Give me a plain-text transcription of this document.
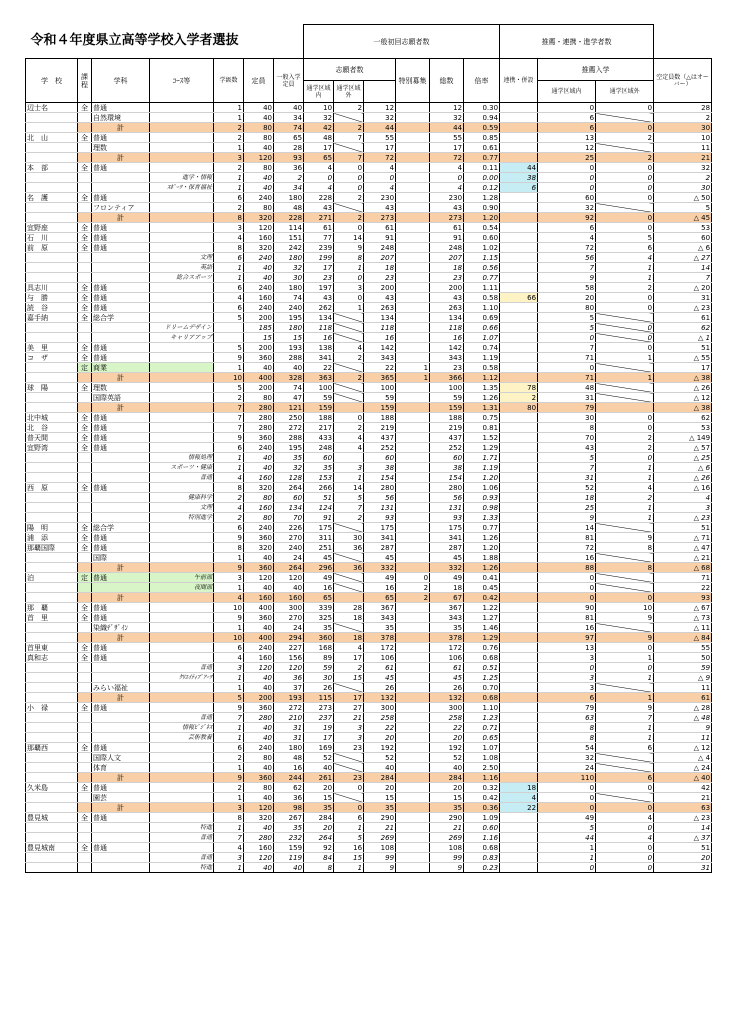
令和４年度県立高等学校入学者選抜							一般初回志願者数						推薦・連携・進学者数			
学　校	課程	学科	ｺｰｽ等	学級数	定員	一般入学定員	志願者数			特別募集	総数	倍率	連携・併設	推薦入学		空定員数（△はオーバー）
							通学区域内	通学区域外						通学区域内	通学区域外	
辺士名	全	普通		1	40	40	10	2	12		12	0.30		0	0	28
		自然環境		1	40	34	32		32		32	0.94		6		2
		計		2	80	74	42	2	44		44	0.59		6	0	30
北　山	全	普通		2	80	65	48	7	55		55	0.85		13	2	10
		理数		1	40	28	17		17		17	0.61		12		11
		計		3	120	93	65	7	72		72	0.77		25	2	21
本　部	全	普通		2	80	36	4	0	4		4	0.11	44	0	0	32
			進学・情報	1	40	2	0	0	0		0	0.00	38	0	0	2
			ｽﾎﾟｰﾂ・保育福祉	1	40	34	4	0	4		4	0.12	6	0	0	30
名　護	全	普通		6	240	180	228	2	230		230	1.28		60	0	△ 50
		フロンティア		2	80	48	43		43		43	0.90		32		5
		計		8	320	228	271	2	273		273	1.20		92	0	△ 45
宜野座	全	普通		3	120	114	61	0	61		61	0.54		6	0	53
石　川	全	普通		4	160	151	77	14	91		91	0.60		4	5	60
前　原	全	普通		8	320	242	239	9	248		248	1.02		72	6	△ 6
			文理	6	240	180	199	8	207		207	1.15		56	4	△ 27
			英語	1	40	32	17	1	18		18	0.56		7	1	14
			総合スポーツ	1	40	30	23	0	23		23	0.77		9	1	7
具志川	全	普通		6	240	180	197	3	200		200	1.11		58	2	△ 20
与　勝	全	普通		4	160	74	43	0	43		43	0.58	66	20	0	31
読　谷	全	普通		6	240	240	262	1	263		263	1.10		80	0	△ 23
嘉手納	全	総合学		5	200	195	134		134		134	0.69		5		61
			ドリームデザイン		185	180	118		118		118	0.66		5	0	62
			キャリアアップ		15	15	16		16		16	1.07		0	0	△ 1
美　里	全	普通		5	200	193	138	4	142		142	0.74		7	0	51
コ　ザ	全	普通		9	360	288	341	2	343		343	1.19		71	1	△ 55
	定	商業		1	40	40	22		22	1	23	0.58		0		17
		計		10	400	328	363	2	365	1	366	1.12		71	1	△ 38
球　陽	全	理数		5	200	74	100		100		100	1.35	78	48		△ 26
		国際英語		2	80	47	59		59		59	1.26	2	31		△ 12
		計		7	280	121	159		159		159	1.31	80	79		△ 38
北中城	全	普通		7	280	250	188	0	188		188	0.75		30	0	62
北　谷	全	普通		7	280	272	217	2	219		219	0.81		8	0	53
普天間	全	普通		9	360	288	433	4	437		437	1.52		70	2	△ 149
宜野湾	全	普通		6	240	195	248	4	252		252	1.29		43	2	△ 57
			情報処理	1	40	35	60		60		60	1.71		5	0	△ 25
			スポーツ・健康	1	40	32	35	3	38		38	1.19		7	1	△ 6
			普通	4	160	128	153	1	154		154	1.20		31	1	△ 26
西　原	全	普通		8	320	264	266	14	280		280	1.06		52	4	△ 16
			健康科学	2	80	60	51	5	56		56	0.93		18	2	4
			文理	4	160	134	124	7	131		131	0.98		25	1	3
			特別進学	2	80	70	91	2	93		93	1.33		9	1	△ 23
陽　明	全	総合学		6	240	226	175		175		175	0.77		14		51
浦　添	全	普通		9	360	270	311	30	341		341	1.26		81	9	△ 71
那覇国際	全	普通		8	320	240	251	36	287		287	1.20		72	8	△ 47
		国際		1	40	24	45		45		45	1.88		16		△ 21
		計		9	360	264	296	36	332		332	1.26		88	8	△ 68
泊	定	普通	午前部	3	120	120	49		49	0	49	0.41		0		71
			夜間部	1	40	40	16		16	2	18	0.45		0		22
		計		4	160	160	65		65	2	67	0.42		0	0	93
那　覇	全	普通		10	400	300	339	28	367		367	1.22		90	10	△ 67
首　里	全	普通		9	360	270	325	18	343		343	1.27		81	9	△ 73
		染織ﾃﾞｻﾞｲﾝ		1	40	24	35		35		35	1.46		16		△ 11
		計		10	400	294	360	18	378		378	1.29		97	9	△ 84
首里東	全	普通		6	240	227	168	4	172		172	0.76		13	0	55
真和志	全	普通		4	160	156	89	17	106		106	0.68		3	1	50
			普通	3	120	120	59	2	61		61	0.51		0	0	59
			ｸﾘｴｲﾃｨﾌﾞｱｰﾂ	1	40	36	30	15	45		45	1.25		3	1	△ 9
		みらい福祉		1	40	37	26		26		26	0.70		3		11
		計		5	200	193	115	17	132		132	0.68		6	1	61
小　禄	全	普通		9	360	272	273	27	300		300	1.10		79	9	△ 28
			普通	7	280	210	237	21	258		258	1.23		63	7	△ 48
			情報ﾋﾞｼﾞﾈｽ	1	40	31	19	3	22		22	0.71		8	1	9
			芸術教養	1	40	31	17	3	20		20	0.65		8	1	11
那覇西	全	普通		6	240	180	169	23	192		192	1.07		54	6	△ 12
		国際人文		2	80	48	52		52		52	1.08		32		△ 4
		体育		1	40	16	40		40		40	2.50		24		△ 24
		計		9	360	244	261	23	284		284	1.16		110	6	△ 40
久米島	全	普通		2	80	62	20	0	20		20	0.32	18	0	0	42
		園芸		1	40	36	15		15		15	0.42	4	0		21
		計		3	120	98	35	0	35		35	0.36	22	0	0	63
豊見城	全	普通		8	320	267	284	6	290		290	1.09		49	4	△ 23
			特進	1	40	35	20	1	21		21	0.60		5	0	14
			普通	7	280	232	264	5	269		269	1.16		44	4	△ 37
豊見城南	全	普通		4	160	159	92	16	108		108	0.68		1	0	51
			普通	3	120	119	84	15	99		99	0.83		1	0	20
			特進	1	40	40	8	1	9		9	0.23		0	0	31
